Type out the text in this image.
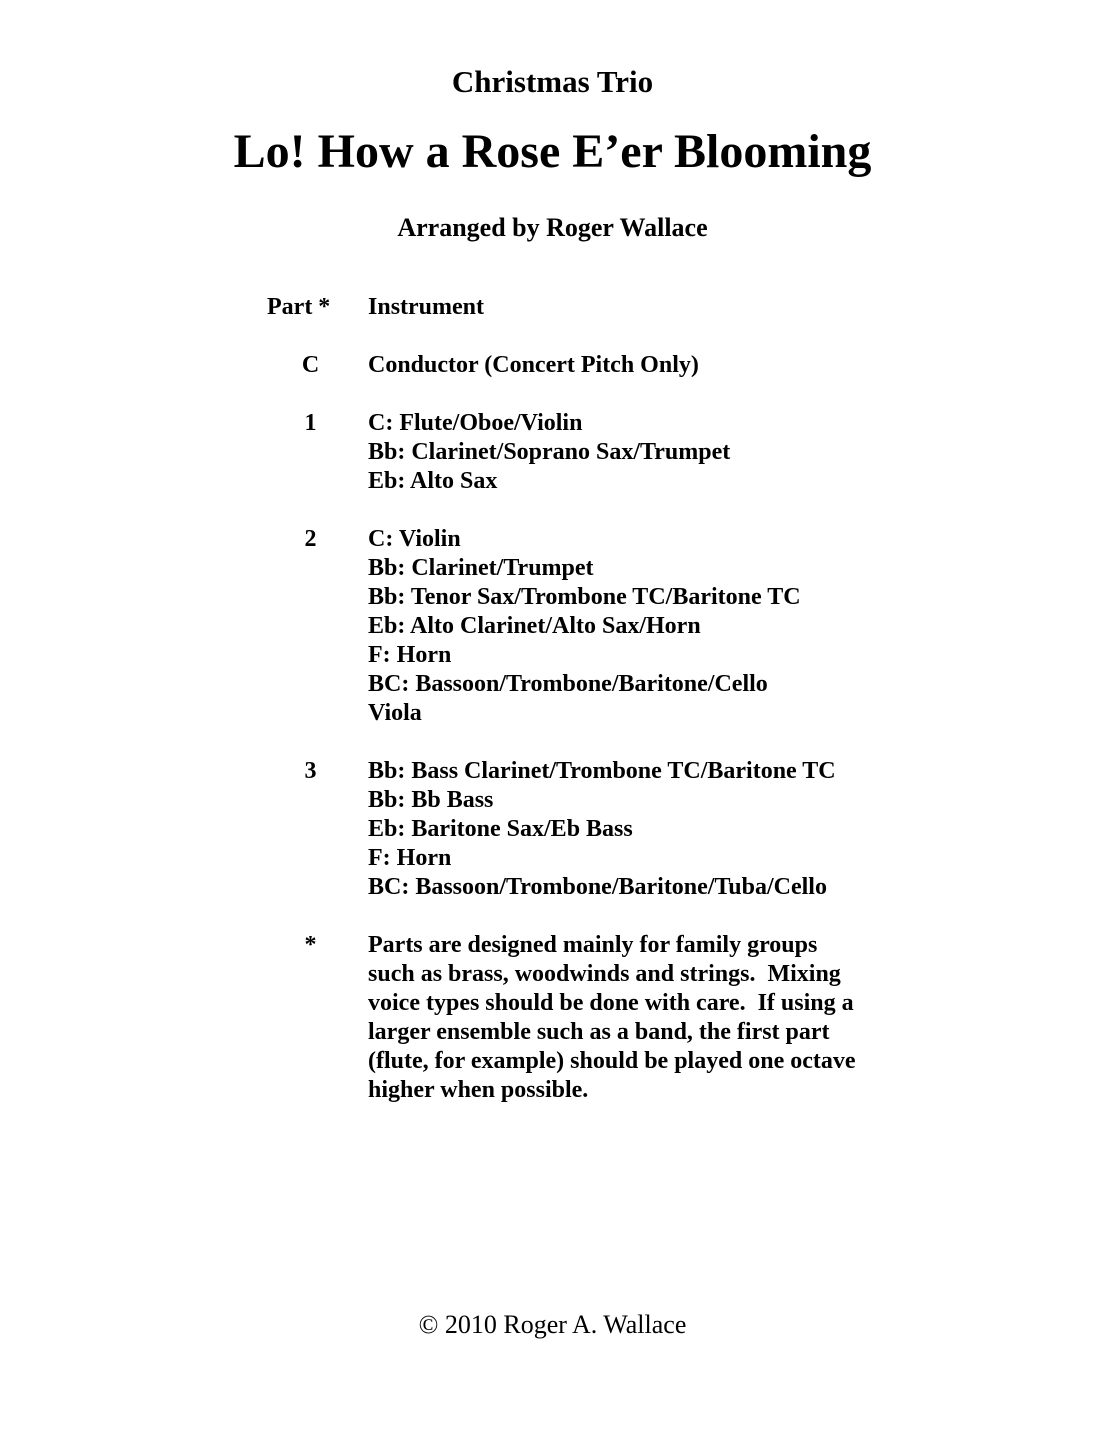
Christmas Trio
Lo! How a Rose E’er Blooming
Arranged by Roger Wallace
Part *	Instrument
C	Conductor (Concert Pitch Only)
1	C: Flute/Oboe/Violin
Bb: Clarinet/Soprano Sax/Trumpet
Eb: Alto Sax
2	C: Violin
Bb: Clarinet/Trumpet
Bb: Tenor Sax/Trombone TC/Baritone TC
Eb: Alto Clarinet/Alto Sax/Horn
F: Horn
BC: Bassoon/Trombone/Baritone/Cello
Viola
3	Bb: Bass Clarinet/Trombone TC/Baritone TC
Bb: Bb Bass
Eb: Baritone Sax/Eb Bass
F: Horn
BC: Bassoon/Trombone/Baritone/Tuba/Cello
*	Parts are designed mainly for family groups
such as brass, woodwinds and strings.  Mixing
voice types should be done with care.  If using a
larger ensemble such as a band, the first part
(flute, for example) should be played one octave
higher when possible.
© 2010 Roger A. Wallace
